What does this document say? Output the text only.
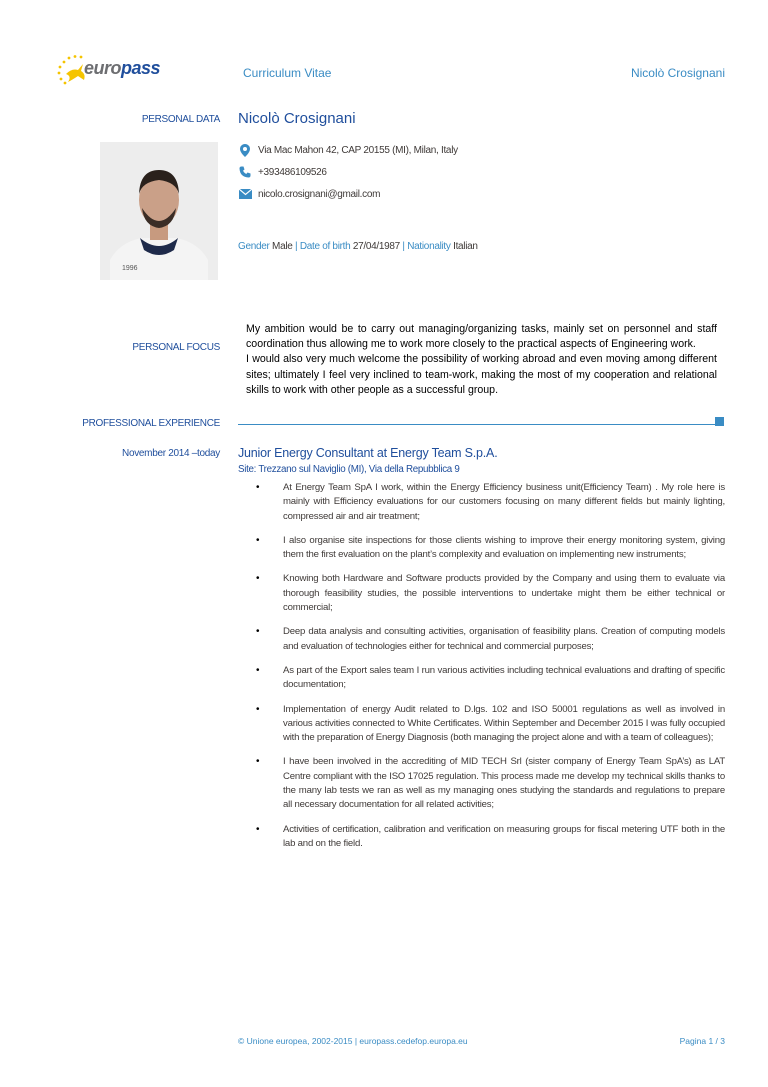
europass	Curriculum Vitae	Nicolò Crosignani
PERSONAL DATA Nicolò Crosignani
1996
Via Mac Mahon 42, CAP 20155 (MI), Milan, Italy
+393486109526
nicolo.crosignani@gmail.com
Gender Male | Date of birth 27/04/1987 | Nationality Italian
PERSONAL FOCUS
My ambition would be to carry out managing/organizing tasks, mainly set on personnel and staff coordination thus allowing me to work more closely to the practical aspects of Engineering work.
I would also very much welcome the possibility of working abroad and even moving among different sites; ultimately I feel very inclined to team-work, making the most of my cooperation and relational skills to work with other people as a successful group.
PROFESSIONAL EXPERIENCE
November 2014 –today Junior Energy Consultant at Energy Team S.p.A.
Site: Trezzano sul Naviglio (MI), Via della Repubblica 9
• At Energy Team SpA I work, within the Energy Efficiency business unit(Efficiency Team) . My role here is mainly with Efficiency evaluations for our customers focusing on many different fields but mainly lighting, compressed air and air treatment;
• I also organise site inspections for those clients wishing to improve their energy monitoring system, giving them the first evaluation on the plant’s complexity and evaluation on implementing new instruments;
• Knowing both Hardware and Software products provided by the Company and using them to evaluate via thorough feasibility studies, the possible interventions to undertake might them be either technical or commercial;
• Deep data analysis and consulting activities, organisation of feasibility plans. Creation of computing models and evaluation of technologies either for technical and commercial purposes;
• As part of the Export sales team I run various activities including technical evaluations and drafting of specific documentation;
• Implementation of energy Audit related to D.lgs. 102 and ISO 50001 regulations as well as involved in various activities connected to White Certificates. Within September and December 2015 I was fully occupied with the preparation of Energy Diagnosis (both managing the project alone and with a team of colleagues);
• I have been involved in the accrediting of MID TECH Srl (sister company of Energy Team SpA’s) as LAT Centre compliant with the ISO 17025 regulation. This process made me develop my technical skills thanks to the many lab tests we ran as well as my managing ones studying the standards and regulations to prepare all necessary documentation for all related activities;
• Activities of certification, calibration and verification on measuring groups for fiscal metering UTF both in the lab and on the field.
© Unione europea, 2002-2015 | europass.cedefop.europa.eu	Pagina 1 / 3
